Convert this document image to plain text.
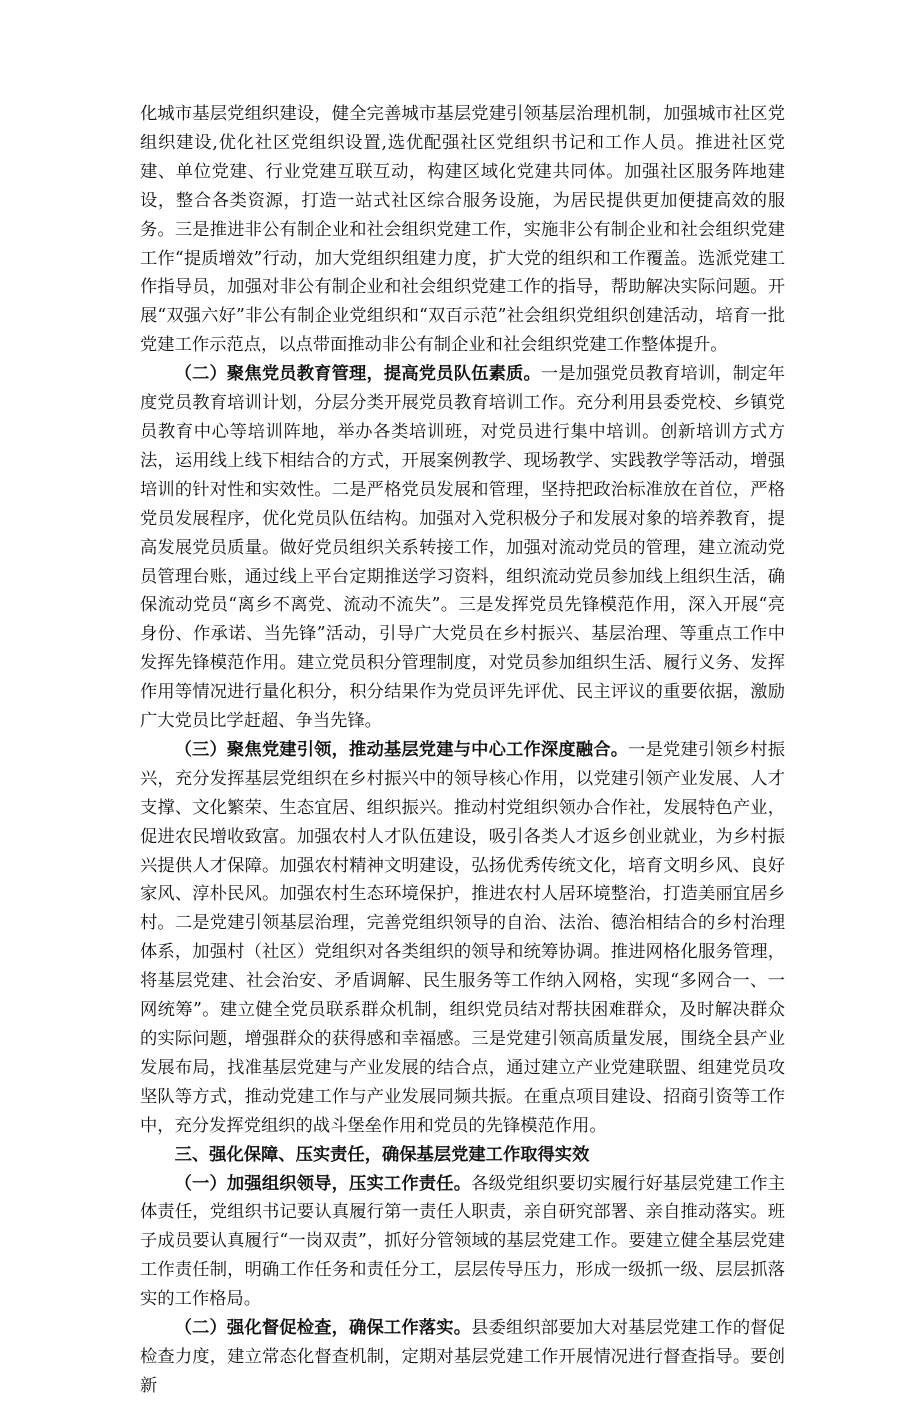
化城市基层党组织建设，健全完善城市基层党建引领基层治理机制，加强城市社区党组织建设,优化社区党组织设置,选优配强社区党组织书记和工作人员。推进社区党建、单位党建、行业党建互联互动，构建区域化党建共同体。加强社区服务阵地建设，整合各类资源，打造一站式社区综合服务设施，为居民提供更加便捷高效的服务。三是推进非公有制企业和社会组织党建工作，实施非公有制企业和社会组织党建工作“提质增效”行动，加大党组织组建力度，扩大党的组织和工作覆盖。选派党建工作指导员，加强对非公有制企业和社会组织党建工作的指导，帮助解决实际问题。开展“双强六好”非公有制企业党组织和“双百示范”社会组织党组织创建活动，培育一批党建工作示范点，以点带面推动非公有制企业和社会组织党建工作整体提升。

（二）聚焦党员教育管理，提高党员队伍素质。一是加强党员教育培训，制定年度党员教育培训计划，分层分类开展党员教育培训工作。充分利用县委党校、乡镇党员教育中心等培训阵地，举办各类培训班，对党员进行集中培训。创新培训方式方法，运用线上线下相结合的方式，开展案例教学、现场教学、实践教学等活动，增强培训的针对性和实效性。二是严格党员发展和管理，坚持把政治标准放在首位，严格党员发展程序，优化党员队伍结构。加强对入党积极分子和发展对象的培养教育，提高发展党员质量。做好党员组织关系转接工作，加强对流动党员的管理，建立流动党员管理台账，通过线上平台定期推送学习资料，组织流动党员参加线上组织生活，确保流动党员“离乡不离党、流动不流失”。三是发挥党员先锋模范作用，深入开展“亮身份、作承诺、当先锋”活动，引导广大党员在乡村振兴、基层治理、等重点工作中发挥先锋模范作用。建立党员积分管理制度，对党员参加组织生活、履行义务、发挥作用等情况进行量化积分，积分结果作为党员评先评优、民主评议的重要依据，激励广大党员比学赶超、争当先锋。

（三）聚焦党建引领，推动基层党建与中心工作深度融合。一是党建引领乡村振兴，充分发挥基层党组织在乡村振兴中的领导核心作用，以党建引领产业发展、人才支撑、文化繁荣、生态宜居、组织振兴。推动村党组织领办合作社，发展特色产业，促进农民增收致富。加强农村人才队伍建设，吸引各类人才返乡创业就业，为乡村振兴提供人才保障。加强农村精神文明建设，弘扬优秀传统文化，培育文明乡风、良好家风、淳朴民风。加强农村生态环境保护，推进农村人居环境整治，打造美丽宜居乡村。二是党建引领基层治理，完善党组织领导的自治、法治、德治相结合的乡村治理体系，加强村（社区）党组织对各类组织的领导和统筹协调。推进网格化服务管理，将基层党建、社会治安、矛盾调解、民生服务等工作纳入网格，实现“多网合一、一网统筹”。建立健全党员联系群众机制，组织党员结对帮扶困难群众，及时解决群众的实际问题，增强群众的获得感和幸福感。三是党建引领高质量发展，围绕全县产业发展布局，找准基层党建与产业发展的结合点，通过建立产业党建联盟、组建党员攻坚队等方式，推动党建工作与产业发展同频共振。在重点项目建设、招商引资等工作中，充分发挥党组织的战斗堡垒作用和党员的先锋模范作用。

三、强化保障、压实责任，确保基层党建工作取得实效

（一）加强组织领导，压实工作责任。各级党组织要切实履行好基层党建工作主体责任，党组织书记要认真履行第一责任人职责，亲自研究部署、亲自推动落实。班子成员要认真履行“一岗双责”，抓好分管领域的基层党建工作。要建立健全基层党建工作责任制，明确工作任务和责任分工，层层传导压力，形成一级抓一级、层层抓落实的工作格局。

（二）强化督促检查，确保工作落实。县委组织部要加大对基层党建工作的督促检查力度，建立常态化督查机制，定期对基层党建工作开展情况进行督查指导。要创新
